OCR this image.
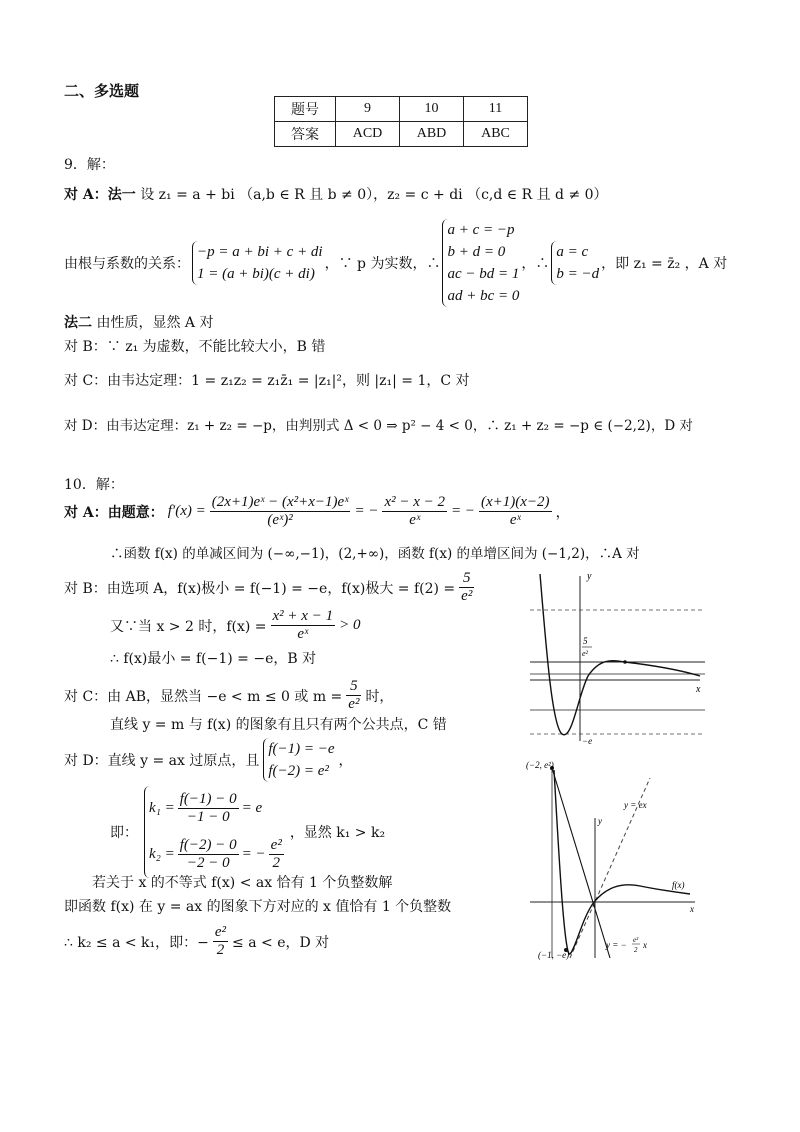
二、多选题
题号	9	10	11
答案	ACD	ABD	ABC
9．解：
对 A：法一 设 z₁ = a + bi （a,b ∈ R 且 b ≠ 0），z₂ = c + di （c,d ∈ R 且 d ≠ 0）
由根与系数的关系：
−p = a + bi + c + di
1 = (a + bi)(c + di)
，∵ p 为实数，∴
a + c = −p
b + d = 0
ac − bd = 1
ad + bc = 0
，∴
a = c
b = −d
，即 z₁ = z̄₂ ，A 对
法二 由性质，显然 A 对
对 B：∵ z₁ 为虚数，不能比较大小，B 错
对 C：由韦达定理：1 = z₁z₂ = z₁z̄₁ = |z₁|²，则 |z₁| = 1，C 对
对 D：由韦达定理：z₁ + z₂ = −p，由判别式 Δ < 0 ⇒ p² − 4 < 0，∴ z₁ + z₂ = −p ∈ (−2,2)，D 对
10．解：
对 A：由题意： $f'(x) = \frac{\text{(2x+1)eˣ − (x²+x−1)eˣ}}{\text{(eˣ)²}}$ = − $\frac{\text{x² − x − 2}}{\text{eˣ}}$ = − $\frac{(x+1)(x-2)}{\text{eˣ}}$ ，
∴函数 f(x) 的单减区间为 (−∞,−1)，(2,+∞)，函数 f(x) 的单增区间为 (−1,2)，∴A 对
对 B：由选项 A，f(x)极小 = f(−1) = −e，f(x)极大 = $f(2) = \frac{5}{\text{e²}}$
又∵当 x > 2 时，$f(x) = \frac{\text{x² + x − 1}}{\text{eˣ}} > 0$
∴ f(x)最小 = f(−1) = −e，B 对
对 C：由 AB，显然当 −e < m ≤ 0 或 $m = \frac{5}{\text{e²}}$ 时，
直线 y = m 与 f(x) 的图象有且只有两个公共点，C 错
对 D：直线 y = ax 过原点，且
f(−1) = −e
f(−2) = e²
，
即：
$k_1 = \frac{f(-1) - 0}{-1 - 0} = e$
$k_2 = \frac{f(-2) - 0}{-2 - 0}$ = − $\frac{\text{e²}}{2}$
，显然 k₁ > k₂
若关于 x 的不等式 f(x) < ax 恰有 1 个负整数解
即函数 f(x) 在 y = ax 的图象下方对应的 x 值恰有 1 个负整数
∴ k₂ ≤ a < k₁，即：− $\frac{\text{e²}}{2} \le a < e$，D 对
y
x
5
e²
−e
(−2, e²)
(−1, −e)
y = ex
y = − e²
2 x
f(x)
y
x
